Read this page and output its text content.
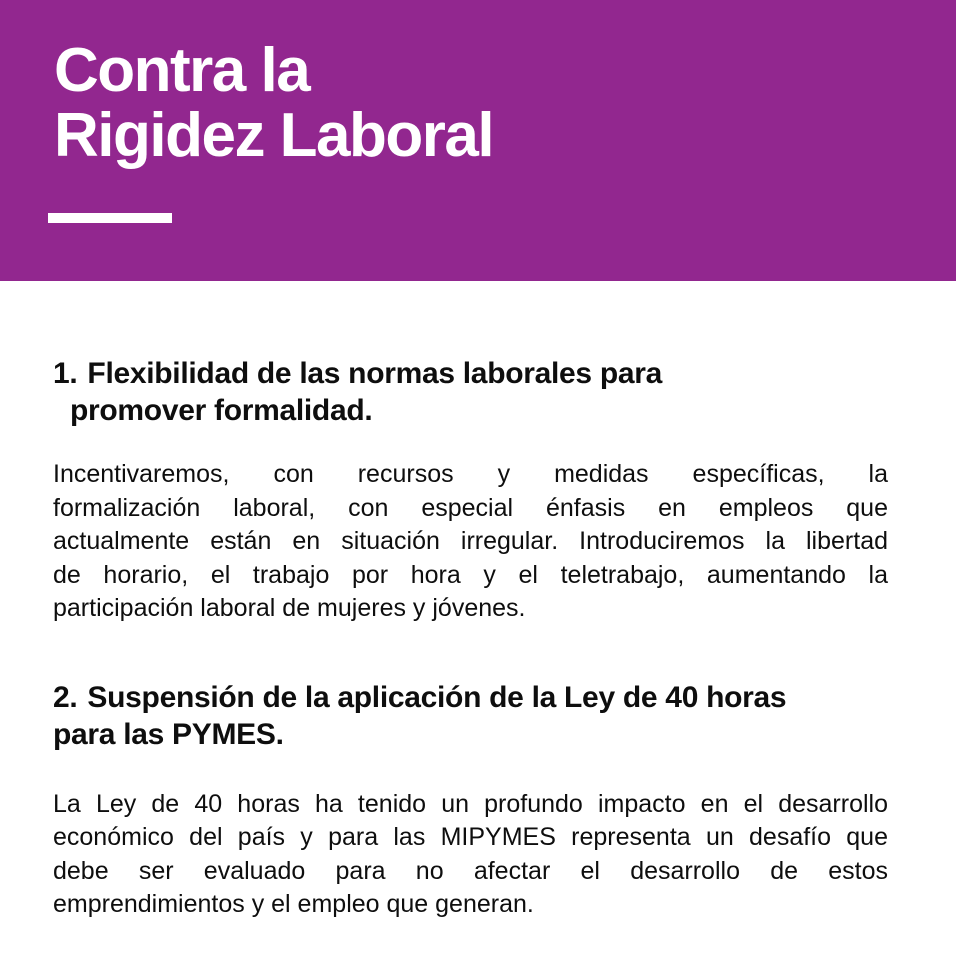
Contra la
Rigidez Laboral
1. Flexibilidad de las normas laborales para
promover formalidad.
Incentivaremos, con recursos y medidas específicas, la
formalización laboral, con especial énfasis en empleos que
actualmente están en situación irregular. Introduciremos la libertad
de horario, el trabajo por hora y el teletrabajo, aumentando la
participación laboral de mujeres y jóvenes.
2. Suspensión de la aplicación de la Ley de 40 horas
para las PYMES.
La Ley de 40 horas ha tenido un profundo impacto en el desarrollo
económico del país y para las MIPYMES representa un desafío que
debe ser evaluado para no afectar el desarrollo de estos
emprendimientos y el empleo que generan.
